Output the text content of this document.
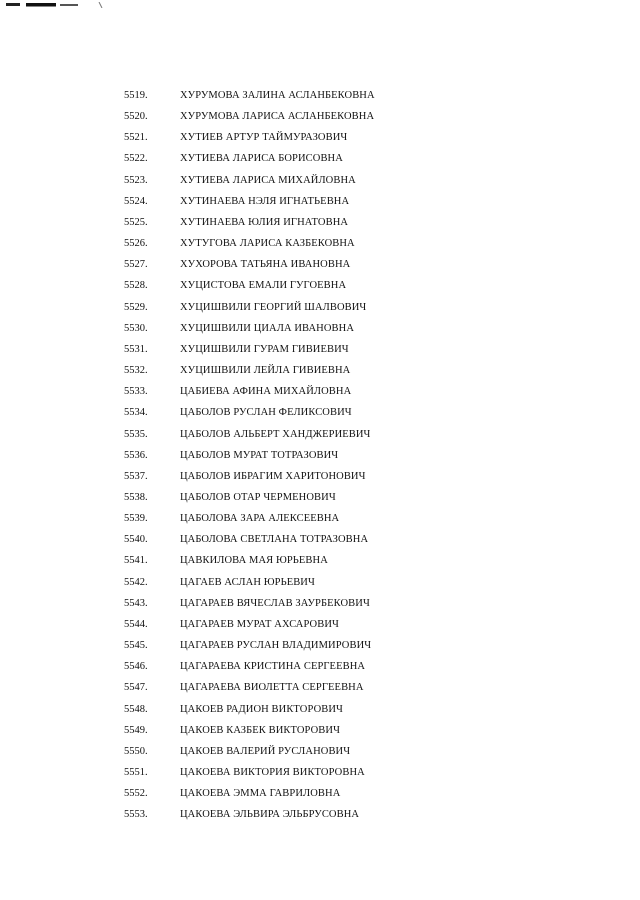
5519.	ХУРУМОВА ЗАЛИНА АСЛАНБЕКОВНА
5520.	ХУРУМОВА ЛАРИСА АСЛАНБЕКОВНА
5521.	ХУТИЕВ АРТУР ТАЙМУРАЗОВИЧ
5522.	ХУТИЕВА ЛАРИСА БОРИСОВНА
5523.	ХУТИЕВА ЛАРИСА МИХАЙЛОВНА
5524.	ХУТИНАЕВА НЭЛЯ ИГНАТЬЕВНА
5525.	ХУТИНАЕВА ЮЛИЯ ИГНАТОВНА
5526.	ХУТУГОВА ЛАРИСА КАЗБЕКОВНА
5527.	ХУХОРОВА ТАТЬЯНА ИВАНОВНА
5528.	ХУЦИСТОВА ЕМАЛИ ГУГОЕВНА
5529.	ХУЦИШВИЛИ ГЕОРГИЙ ШАЛВОВИЧ
5530.	ХУЦИШВИЛИ ЦИАЛА ИВАНОВНА
5531.	ХУЦИШВИЛИ ГУРАМ ГИВИЕВИЧ
5532.	ХУЦИШВИЛИ ЛЕЙЛА ГИВИЕВНА
5533.	ЦАБИЕВА АФИНА МИХАЙЛОВНА
5534.	ЦАБОЛОВ РУСЛАН ФЕЛИКСОВИЧ
5535.	ЦАБОЛОВ АЛЬБЕРТ ХАНДЖЕРИЕВИЧ
5536.	ЦАБОЛОВ МУРАТ ТОТРАЗОВИЧ
5537.	ЦАБОЛОВ ИБРАГИМ ХАРИТОНОВИЧ
5538.	ЦАБОЛОВ ОТАР ЧЕРМЕНОВИЧ
5539.	ЦАБОЛОВА ЗАРА АЛЕКСЕЕВНА
5540.	ЦАБОЛОВА СВЕТЛАНА ТОТРАЗОВНА
5541.	ЦАВКИЛОВА МАЯ ЮРЬЕВНА
5542.	ЦАГАЕВ АСЛАН ЮРЬЕВИЧ
5543.	ЦАГАРАЕВ ВЯЧЕСЛАВ ЗАУРБЕКОВИЧ
5544.	ЦАГАРАЕВ МУРАТ АХСАРОВИЧ
5545.	ЦАГАРАЕВ РУСЛАН ВЛАДИМИРОВИЧ
5546.	ЦАГАРАЕВА КРИСТИНА СЕРГЕЕВНА
5547.	ЦАГАРАЕВА ВИОЛЕТТА СЕРГЕЕВНА
5548.	ЦАКОЕВ РАДИОН ВИКТОРОВИЧ
5549.	ЦАКОЕВ КАЗБЕК ВИКТОРОВИЧ
5550.	ЦАКОЕВ ВАЛЕРИЙ РУСЛАНОВИЧ
5551.	ЦАКОЕВА ВИКТОРИЯ ВИКТОРОВНА
5552.	ЦАКОЕВА ЭММА ГАВРИЛОВНА
5553.	ЦАКОЕВА ЭЛЬВИРА ЭЛЬБРУСОВНА
